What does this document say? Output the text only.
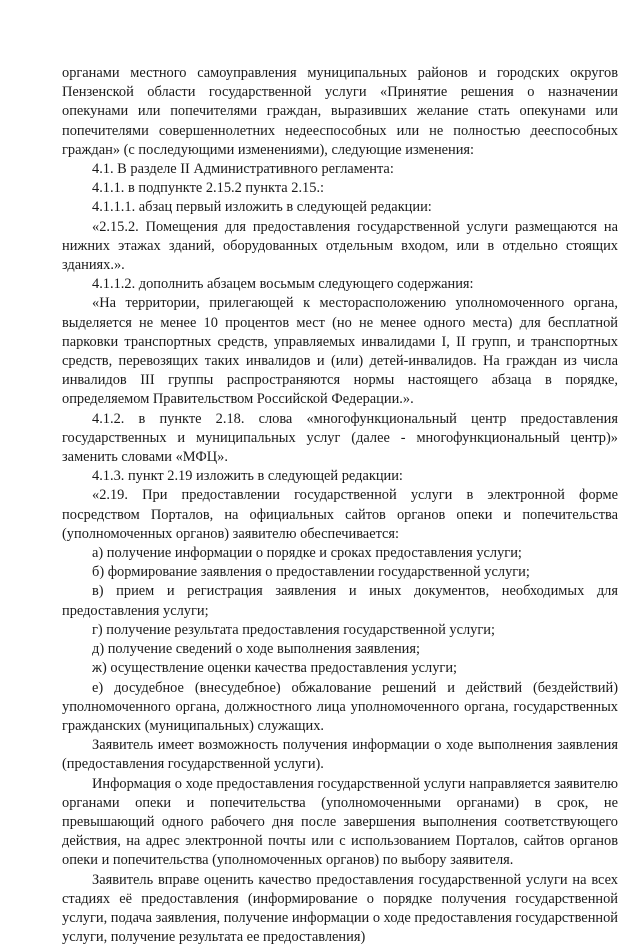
органами местного самоуправления муниципальных районов и городских округов Пензенской области государственной услуги «Принятие решения о назначении опекунами или попечителями граждан, выразивших желание стать опекунами или попечителями совершеннолетних недееспособных или не полностью дееспособных граждан» (с последующими изменениями), следующие изменения:

4.1. В разделе II Административного регламента:

4.1.1. в подпункте 2.15.2 пункта 2.15.:

4.1.1.1. абзац первый изложить в следующей редакции:

«2.15.2. Помещения для предоставления государственной услуги размещаются на нижних этажах зданий, оборудованных отдельным входом, или в отдельно стоящих зданиях.».

4.1.1.2. дополнить абзацем восьмым следующего содержания:

«На территории, прилегающей к месторасположению уполномоченного органа, выделяется не менее 10 процентов мест (но не менее одного места) для бесплатной парковки транспортных средств, управляемых инвалидами I, II групп, и транспортных средств, перевозящих таких инвалидов и (или) детей-инвалидов. На граждан из числа инвалидов III группы распространяются нормы настоящего абзаца в порядке, определяемом Правительством Российской Федерации.».

4.1.2. в пункте 2.18. слова «многофункциональный центр предоставления государственных и муниципальных услуг (далее - многофункциональный центр)» заменить словами «МФЦ».

4.1.3. пункт 2.19 изложить в следующей редакции:

«2.19. При предоставлении государственной услуги в электронной форме посредством Порталов, на официальных сайтов органов опеки и попечительства (уполномоченных органов) заявителю обеспечивается:

а) получение информации о порядке и сроках предоставления услуги;

б) формирование заявления о предоставлении государственной услуги;

в) прием и регистрация заявления и иных документов, необходимых для предоставления услуги;

г) получение результата предоставления государственной услуги;

д) получение сведений о ходе выполнения заявления;

ж) осуществление оценки качества предоставления услуги;

е) досудебное (внесудебное) обжалование решений и действий (бездействий) уполномоченного органа, должностного лица уполномоченного органа, государственных гражданских (муниципальных) служащих.

Заявитель имеет возможность получения информации о ходе выполнения заявления (предоставления государственной услуги).

Информация о ходе предоставления государственной услуги направляется заявителю органами опеки и попечительства (уполномоченными органами) в срок, не превышающий одного рабочего дня после завершения выполнения соответствующего действия, на адрес электронной почты или с использованием Порталов, сайтов органов опеки и попечительства (уполномоченных органов) по выбору заявителя.

Заявитель вправе оценить качество предоставления государственной услуги на всех стадиях её предоставления (информирование о порядке получения государственной услуги, подача заявления, получение информации о ходе предоставления государственной услуги, получение результата ее предоставления)
